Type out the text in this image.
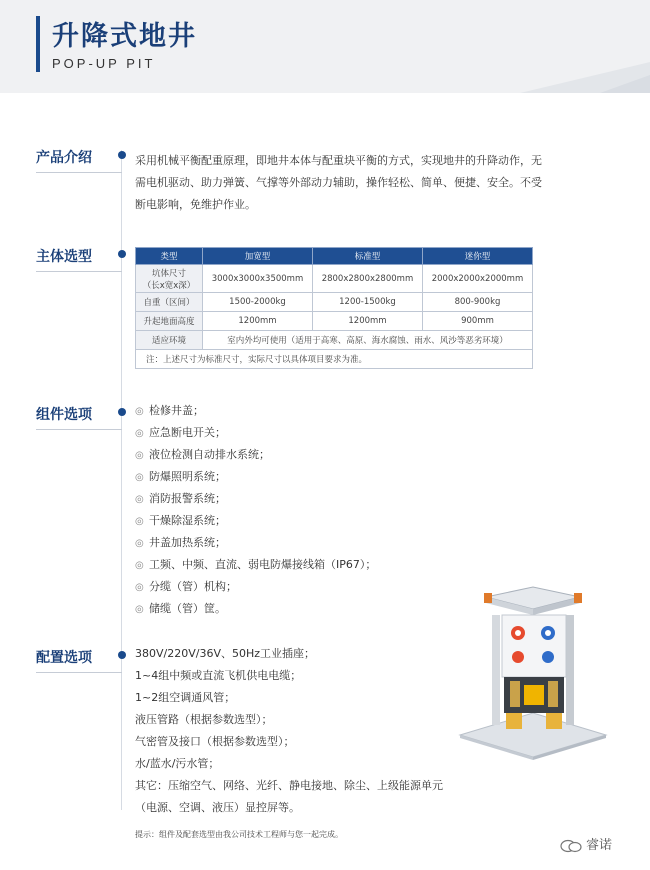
升降式地井
POP-UP PIT
产品介绍	采用机械平衡配重原理，即地井本体与配重块平衡的方式，实现地井的升降动作，无需电机驱动、助力弹簧、气撑等外部动力辅助，操作轻松、简单、便捷、安全。不受断电影响，免维护作业。
主体选型	类型	加宽型	标准型	迷你型

坑体尺寸
（长x宽x深）	3000x3000x3500mm	2800x2800x2800mm	2000x2000x2000mm
自重（区间）	1500-2000kg	1200-1500kg	800-900kg
升起地面高度	1200mm	1200mm	900mm
适应环境	室内外均可使用（适用于高寒、高原、海水腐蚀、雨水、风沙等恶劣环境）		
注：上述尺寸为标准尺寸，实际尺寸以具体项目要求为准。			
组件选项	◎ 检修井盖；
◎ 应急断电开关；
◎ 液位检测自动排水系统；
◎ 防爆照明系统；
◎ 消防报警系统；
◎ 干燥除湿系统；
◎ 井盖加热系统；
◎ 工频、中频、直流、弱电防爆接线箱（IP67）；
◎ 分缆（管）机构；
◎ 储缆（管）筐。
配置选项	380V/220V/36V、50Hz工业插座；
1~4组中频或直流飞机供电电缆；
1~2组空调通风管；
液压管路（根据参数选型）；
气密管及接口（根据参数选型）；
水/蓝水/污水管；
其它：压缩空气、网络、光纤、静电接地、除尘、上级能源单元
（电源、空调、液压）显控屏等。
提示：组件及配套选型由我公司技术工程师与您一起完成。
睿诺
